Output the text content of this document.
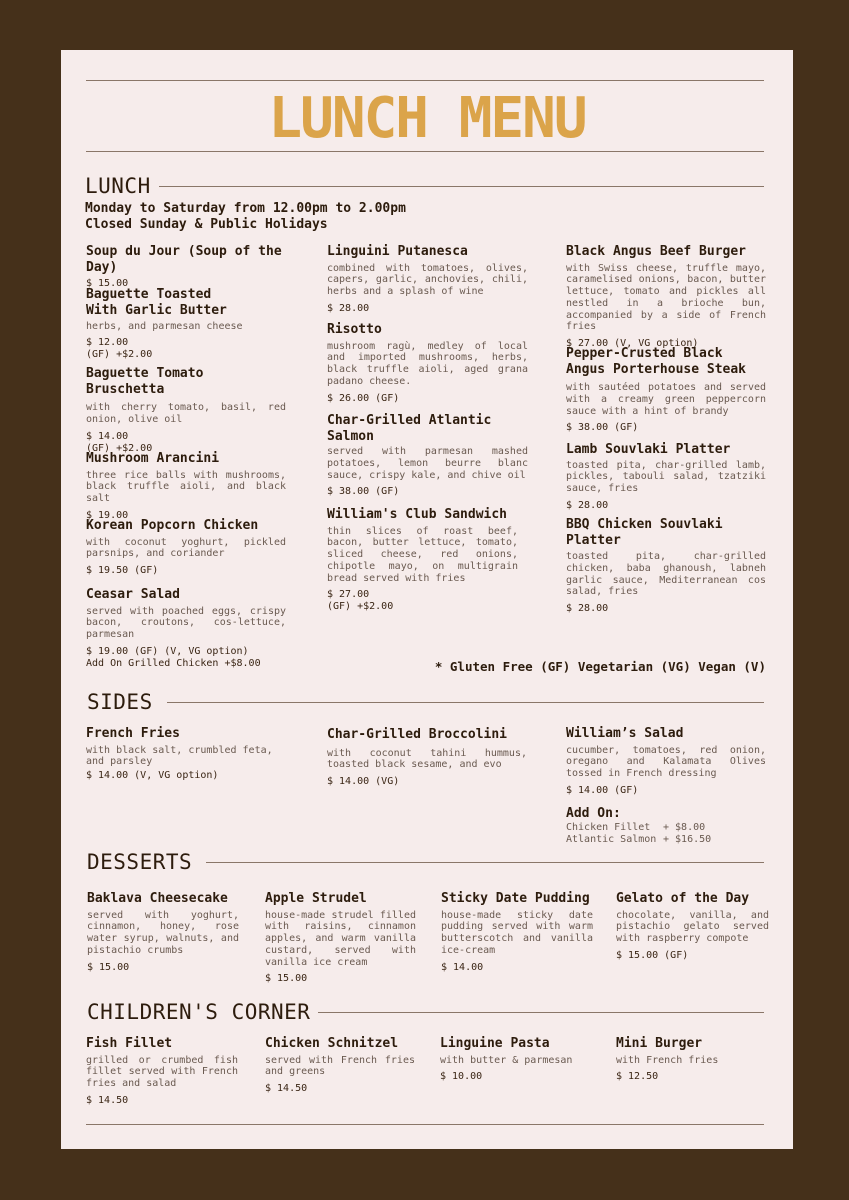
LUNCH MENU
LUNCH
Monday to Saturday from 12.00pm to 2.00pm
Closed Sunday & Public Holidays
Soup du Jour (Soup of the Day)
$ 15.00
Baguette Toasted With Garlic Butter
herbs, and parmesan cheese
$ 12.00
(GF) +$2.00
Baguette Tomato Bruschetta
with cherry tomato, basil, red onion, olive oil
$ 14.00
(GF) +$2.00
Mushroom Arancini
three rice balls with mushrooms, black truffle aioli, and black salt
$ 19.00
Korean Popcorn Chicken
with coconut yoghurt, pickled parsnips, and coriander
$ 19.50 (GF)
Ceasar Salad
served with poached eggs, crispy bacon, croutons, cos-lettuce, parmesan
$ 19.00 (GF) (V, VG option)
Add On Grilled Chicken +$8.00
Linguini Putanesca
combined with tomatoes, olives, capers, garlic, anchovies, chili, herbs and a splash of wine
$ 28.00
Risotto
mushroom ragù, medley of local and imported mushrooms, herbs, black truffle aioli, aged grana padano cheese.
$ 26.00 (GF)
Char-Grilled Atlantic Salmon
served with parmesan mashed potatoes, lemon beurre blanc sauce, crispy kale, and chive oil
$ 38.00 (GF)
William's Club Sandwich
thin slices of roast beef, bacon, butter lettuce, tomato, sliced cheese, red onions, chipotle mayo, on multigrain bread served with fries
$ 27.00
(GF) +$2.00
Black Angus Beef Burger
with Swiss cheese, truffle mayo, caramelised onions, bacon, butter lettuce, tomato and pickles all nestled in a brioche bun, accompanied by a side of French fries
$ 27.00 (V, VG option)
Pepper-Crusted Black Angus Porterhouse Steak
with sautéed potatoes and served with a creamy green peppercorn sauce with a hint of brandy
$ 38.00 (GF)
Lamb Souvlaki Platter
toasted pita, char-grilled lamb, pickles, tabouli salad, tzatziki sauce, fries
$ 28.00
BBQ Chicken Souvlaki Platter
toasted pita, char-grilled chicken, baba ghanoush, labneh garlic sauce, Mediterranean cos salad, fries
$ 28.00
* Gluten Free (GF) Vegetarian (VG) Vegan (V)
SIDES
French Fries
with black salt, crumbled feta, and parsley
$ 14.00 (V, VG option)
Char-Grilled Broccolini
with coconut tahini hummus, toasted black sesame, and evo
$ 14.00 (VG)
William’s Salad
cucumber, tomatoes, red onion, oregano and Kalamata Olives tossed in French dressing
$ 14.00 (GF)
Add On:
Chicken Fillet	+ $8.00
Atlantic Salmon + $16.50
DESSERTS
Baklava Cheesecake
served with yoghurt, cinnamon, honey, rose water syrup, walnuts, and pistachio crumbs
$ 15.00
Apple Strudel
house-made strudel filled with raisins, cinnamon apples, and warm vanilla custard, served with vanilla ice cream
$ 15.00
Sticky Date Pudding
house-made sticky date pudding served with warm butterscotch and vanilla ice-cream
$ 14.00
Gelato of the Day
chocolate, vanilla, and pistachio gelato served with raspberry compote
$ 15.00 (GF)
CHILDREN'S CORNER
Fish Fillet
grilled or crumbed fish fillet served with French fries and salad
$ 14.50
Chicken Schnitzel
served with French fries and greens
$ 14.50
Linguine Pasta
with butter & parmesan
$ 10.00
Mini Burger
with French fries
$ 12.50
